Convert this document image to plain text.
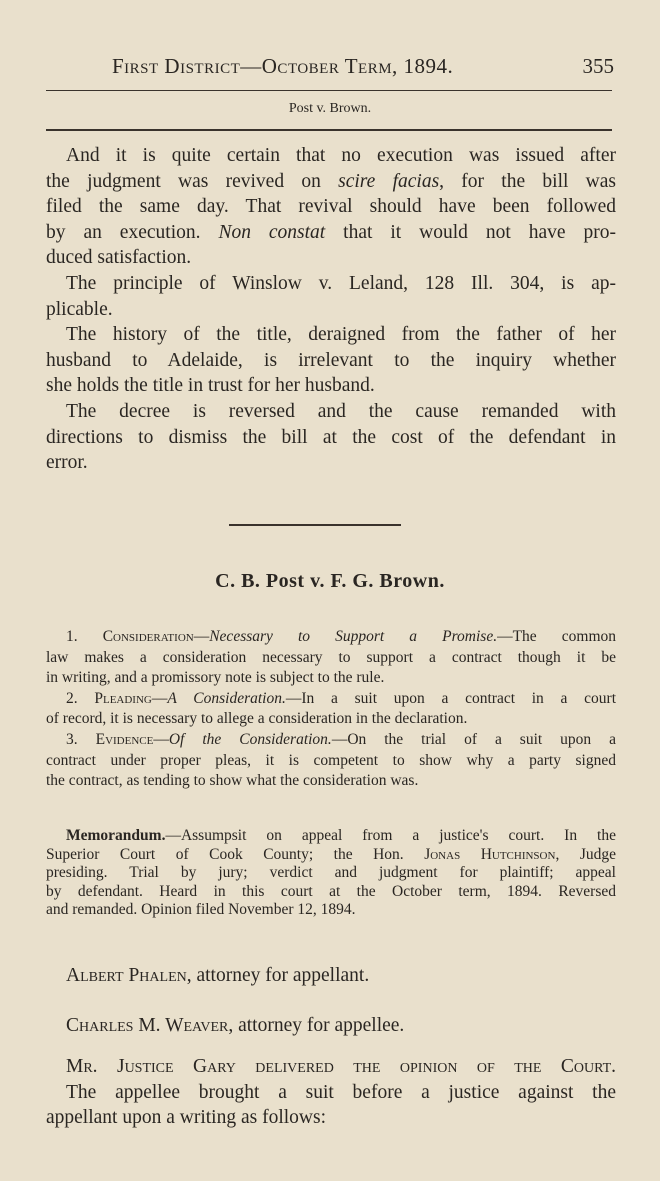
First District—October Term, 1894.	355
Post v. Brown.
And it is quite certain that no execution was issued after
the judgment was revived on scire facias, for the bill was
filed the same day. That revival should have been followed
by an execution. Non constat that it would not have pro-
duced satisfaction.
The principle of Winslow v. Leland, 128 Ill. 304, is ap-
plicable.
The history of the title, deraigned from the father of her
husband to Adelaide, is irrelevant to the inquiry whether
she holds the title in trust for her husband.
The decree is reversed and the cause remanded with
directions to dismiss the bill at the cost of the defendant in
error.
C. B. Post v. F. G. Brown.
1. Consideration—Necessary to Support a Promise.—The common
law makes a consideration necessary to support a contract though it be
in writing, and a promissory note is subject to the rule.
2. Pleading—A Consideration.—In a suit upon a contract in a court
of record, it is necessary to allege a consideration in the declaration.
3. Evidence—Of the Consideration.—On the trial of a suit upon a
contract under proper pleas, it is competent to show why a party signed
the contract, as tending to show what the consideration was.
Memorandum.—Assumpsit on appeal from a justice's court. In the
Superior Court of Cook County; the Hon. Jonas Hutchinson, Judge
presiding. Trial by jury; verdict and judgment for plaintiff; appeal
by defendant. Heard in this court at the October term, 1894. Reversed
and remanded. Opinion filed November 12, 1894.
Albert Phalen, attorney for appellant.
Charles M. Weaver, attorney for appellee.
Mr. Justice Gary delivered the opinion of the Court.
The appellee brought a suit before a justice against the
appellant upon a writing as follows:
